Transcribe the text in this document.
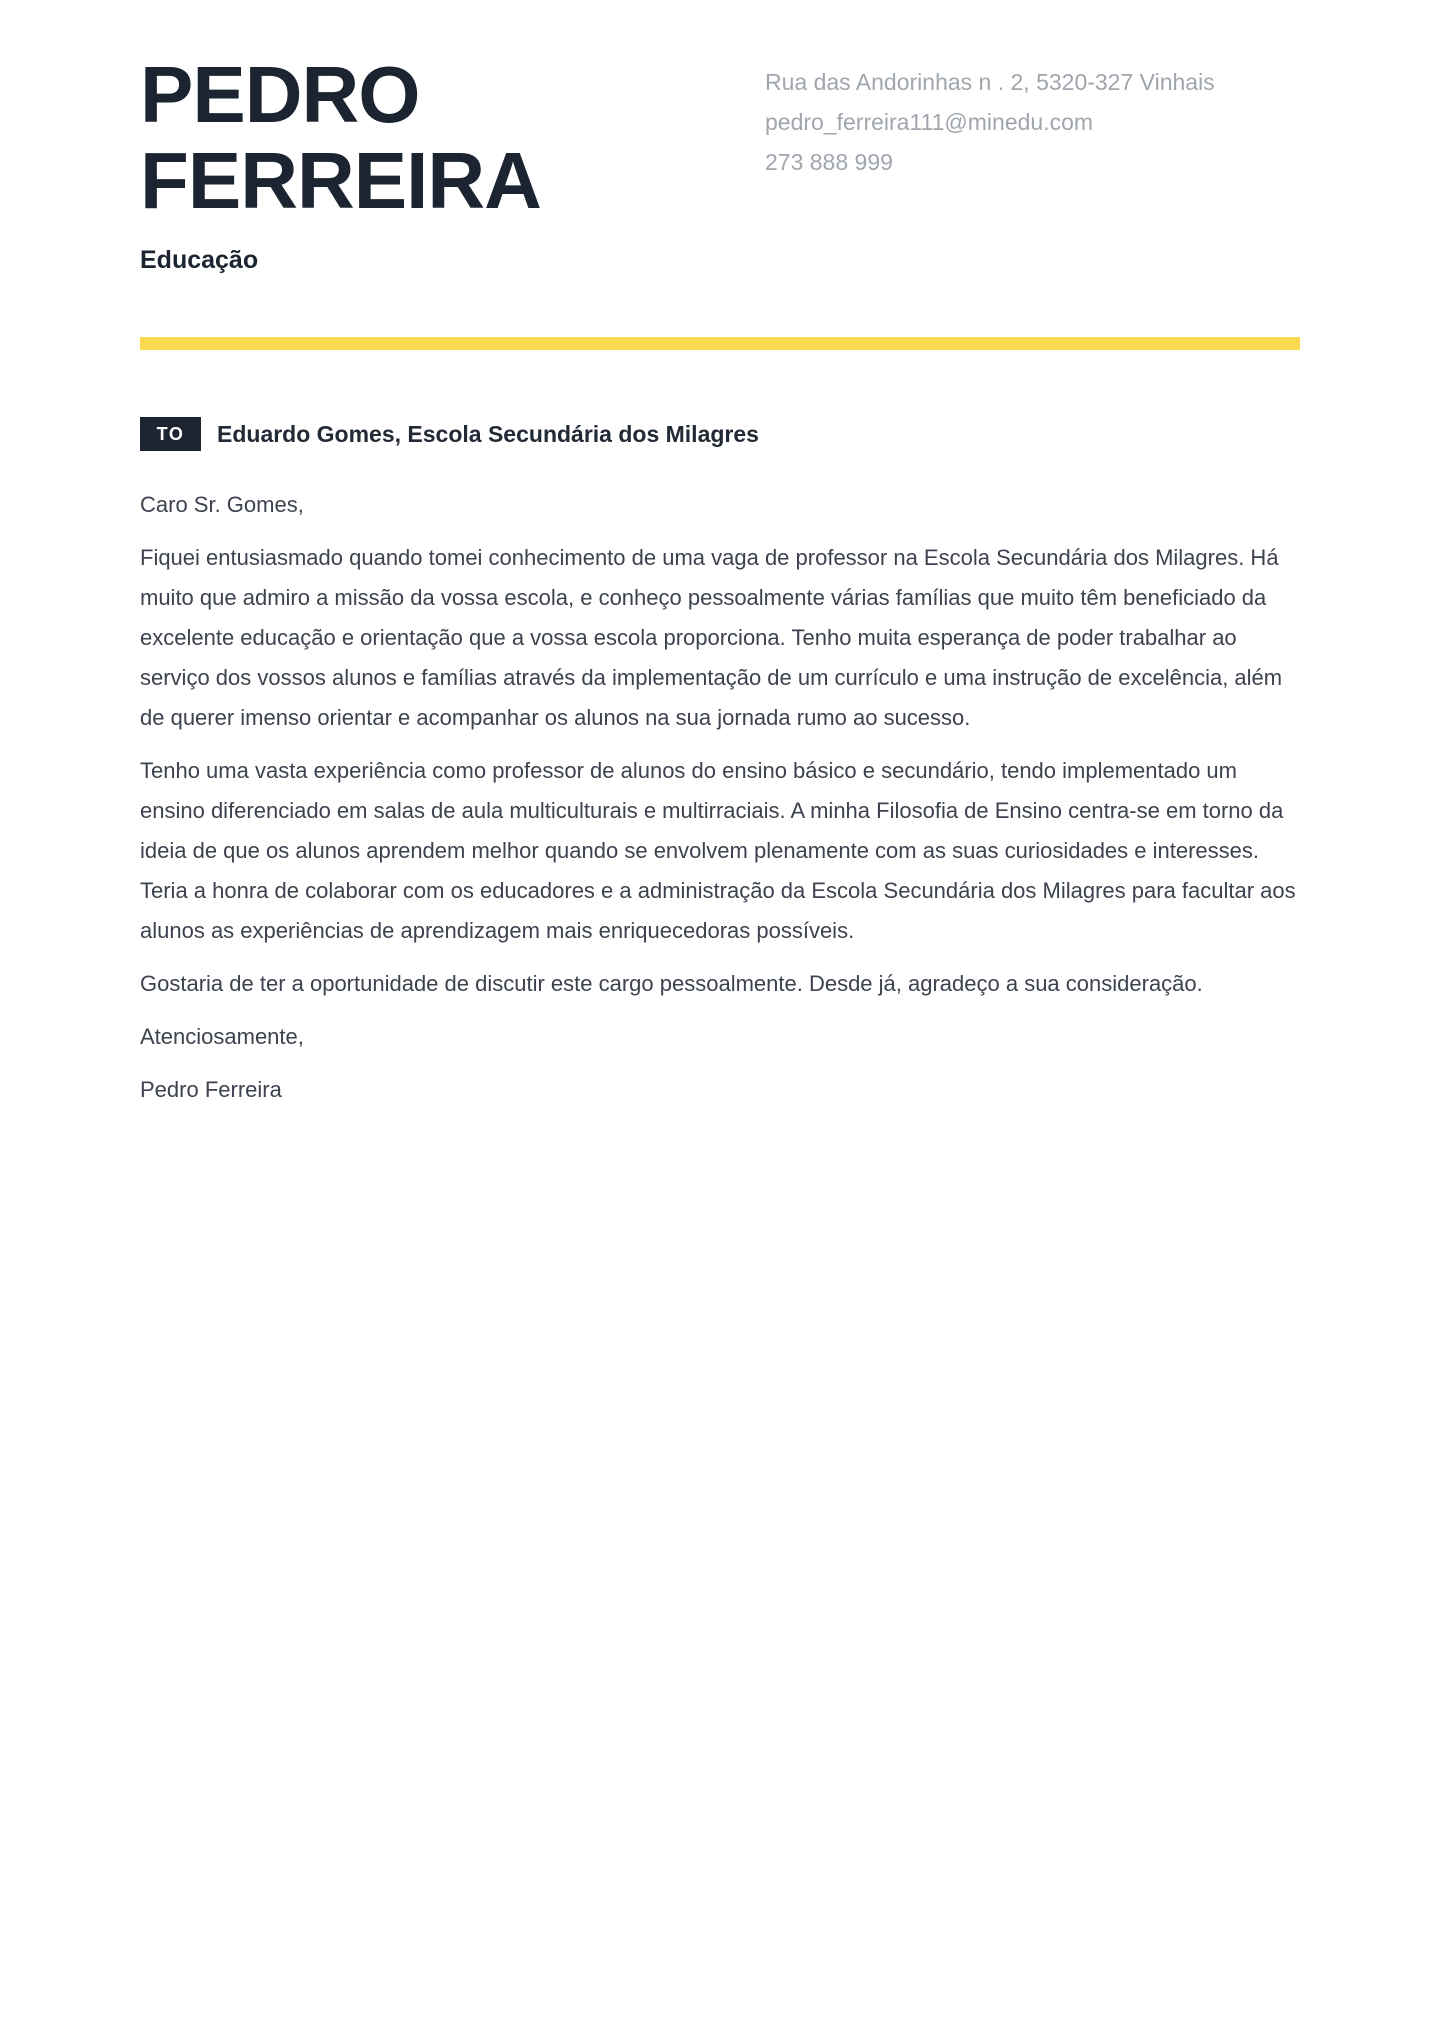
PEDRO
FERREIRA
Educação
Rua das Andorinhas n . 2, 5320-327 Vinhais
pedro_ferreira111@minedu.com
273 888 999
TO	Eduardo Gomes, Escola Secundária dos Milagres

Caro Sr. Gomes,

Fiquei entusiasmado quando tomei conhecimento de uma vaga de professor na Escola Secundária dos Milagres. Há muito que admiro a missão da vossa escola, e conheço pessoalmente várias famílias que muito têm beneficiado da excelente educação e orientação que a vossa escola proporciona. Tenho muita esperança de poder trabalhar ao serviço dos vossos alunos e famílias através da implementação de um currículo e uma instrução de excelência, além de querer imenso orientar e acompanhar os alunos na sua jornada rumo ao sucesso.

Tenho uma vasta experiência como professor de alunos do ensino básico e secundário, tendo implementado um ensino diferenciado em salas de aula multiculturais e multirraciais. A minha Filosofia de Ensino centra-se em torno da ideia de que os alunos aprendem melhor quando se envolvem plenamente com as suas curiosidades e interesses. Teria a honra de colaborar com os educadores e a administração da Escola Secundária dos Milagres para facultar aos alunos as experiências de aprendizagem mais enriquecedoras possíveis.

Gostaria de ter a oportunidade de discutir este cargo pessoalmente. Desde já, agradeço a sua consideração.

Atenciosamente,

Pedro Ferreira
